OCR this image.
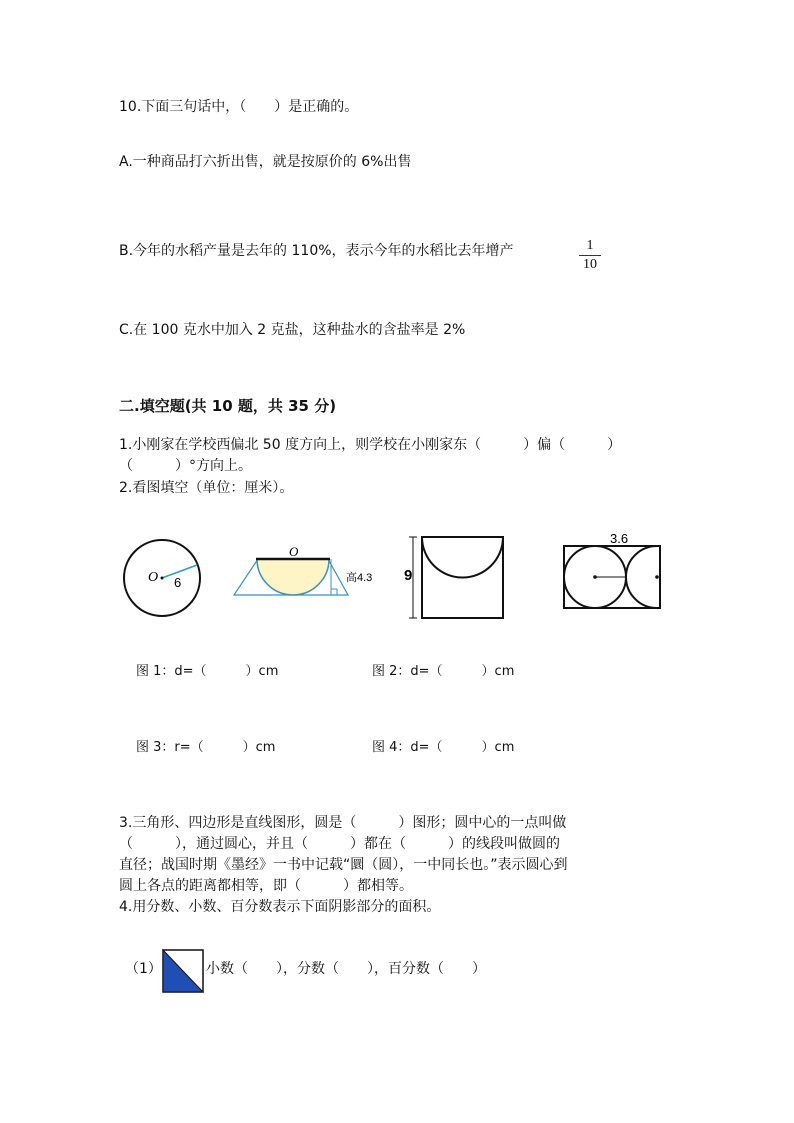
10.下面三句话中，（　　）是正确的。
A.一种商品打六折出售，就是按原价的 6%出售
B.今年的水稻产量是去年的 110%，表示今年的水稻比去年增产	1
10
C.在 100 克水中加入 2 克盐，这种盐水的含盐率是 2%
二.填空题(共 10 题，共 35 分)
1.小刚家在学校西偏北 50 度方向上，则学校在小刚家东（　　　）偏（　　　）
（　　　）°方向上。
2.看图填空（单位：厘米）。
O 6
O
高4.3 9
3.6
图 1：d=（　　　）cm	图 2：d=（　　　）cm
图 3：r=（　　　）cm	图 4：d=（　　　）cm
3.三角形、四边形是直线图形，圆是（　　　）图形；圆中心的一点叫做
（　　　），通过圆心，并且（　　　）都在（　　　）的线段叫做圆的
直径；战国时期《墨经》一书中记载“圜（圆），一中同长也。”表示圆心到
圆上各点的距离都相等，即（　　　）都相等。
4.用分数、小数、百分数表示下面阴影部分的面积。
（1）	小数（　　），分数（　　），百分数（　　）
